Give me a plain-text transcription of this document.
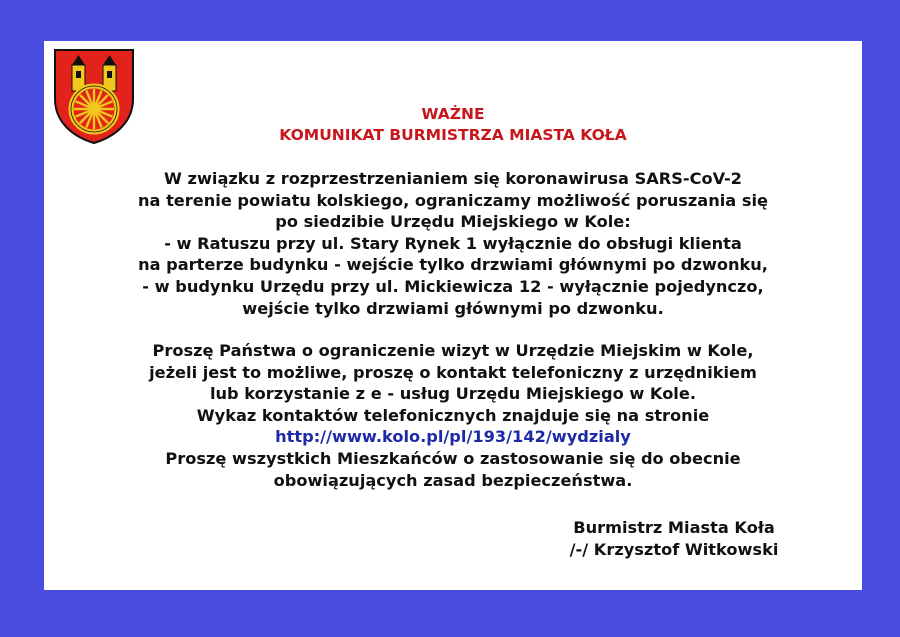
WAŻNE
KOMUNIKAT BURMISTRZA MIASTA KOŁA
W związku z rozprzestrzenianiem się koronawirusa SARS-CoV-2
na terenie powiatu kolskiego, ograniczamy możliwość poruszania się
po siedzibie Urzędu Miejskiego w Kole:
- w Ratuszu przy ul. Stary Rynek 1 wyłącznie do obsługi klienta
na parterze budynku - wejście tylko drzwiami głównymi po dzwonku,
- w budynku Urzędu przy ul. Mickiewicza 12 - wyłącznie pojedynczo,
wejście tylko drzwiami głównymi po dzwonku.
Proszę Państwa o ograniczenie wizyt w Urzędzie Miejskim w Kole,
jeżeli jest to możliwe, proszę o kontakt telefoniczny z urzędnikiem
lub korzystanie z e - usług Urzędu Miejskiego w Kole.
Wykaz kontaktów telefonicznych znajduje się na stronie
http://www.kolo.pl/pl/193/142/wydzialy
Proszę wszystkich Mieszkańców o zastosowanie się do obecnie
obowiązujących zasad bezpieczeństwa.
Burmistrz Miasta Koła
/-/ Krzysztof Witkowski
